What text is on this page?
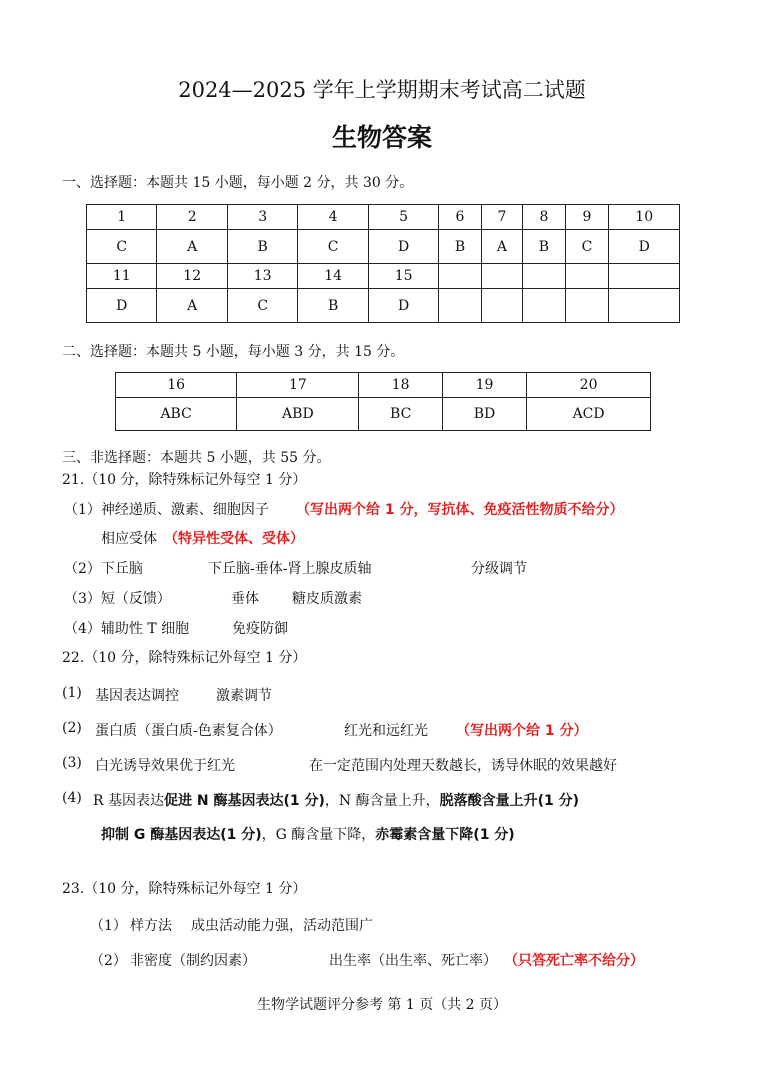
2024—2025 学年上学期期末考试高二试题
生物答案
一、选择题：本题共 15 小题，每小题 2 分，共 30 分。
1	2	3	4	5	6	7	8	9	10
C	A	B	C	D	B	A	B	C	D
11	12	13	14	15					
D	A	C	B	D					
二、选择题：本题共 5 小题，每小题 3 分，共 15 分。
16	17	18	19	20
ABC	ABD	BC	BD	ACD
三、非选择题：本题共 5 小题，共 55 分。
21.（10 分，除特殊标记外每空 1 分）
（1）神经递质、激素、细胞因子 （写出两个给 1 分，写抗体、免疫活性物质不给分）
相应受体 （特异性受体、受体）
（2）下丘脑	下丘脑-垂体-肾上腺皮质轴	分级调节
（3）短（反馈）	垂体 糖皮质激素
（4）辅助性 T 细胞	免疫防御
22.（10 分，除特殊标记外每空 1 分）
(1) 基因表达调控	激素调节
(2) 蛋白质（蛋白质-色素复合体）	红光和远红光 （写出两个给 1 分）
(3) 白光诱导效果优于红光	在一定范围内处理天数越长，诱导休眠的效果越好
(4) R 基因表达促进 N 酶基因表达(1 分)，N 酶含量上升，脱落酸含量上升(1 分)
抑制 G 酶基因表达(1 分)，G 酶含量下降，赤霉素含量下降(1 分)
23.（10 分，除特殊标记外每空 1 分）
（1） 样方法 成虫活动能力强，活动范围广
（2） 非密度（制约因素）	出生率（出生率、死亡率） （只答死亡率不给分）
生物学试题评分参考 第 1 页（共 2 页）
